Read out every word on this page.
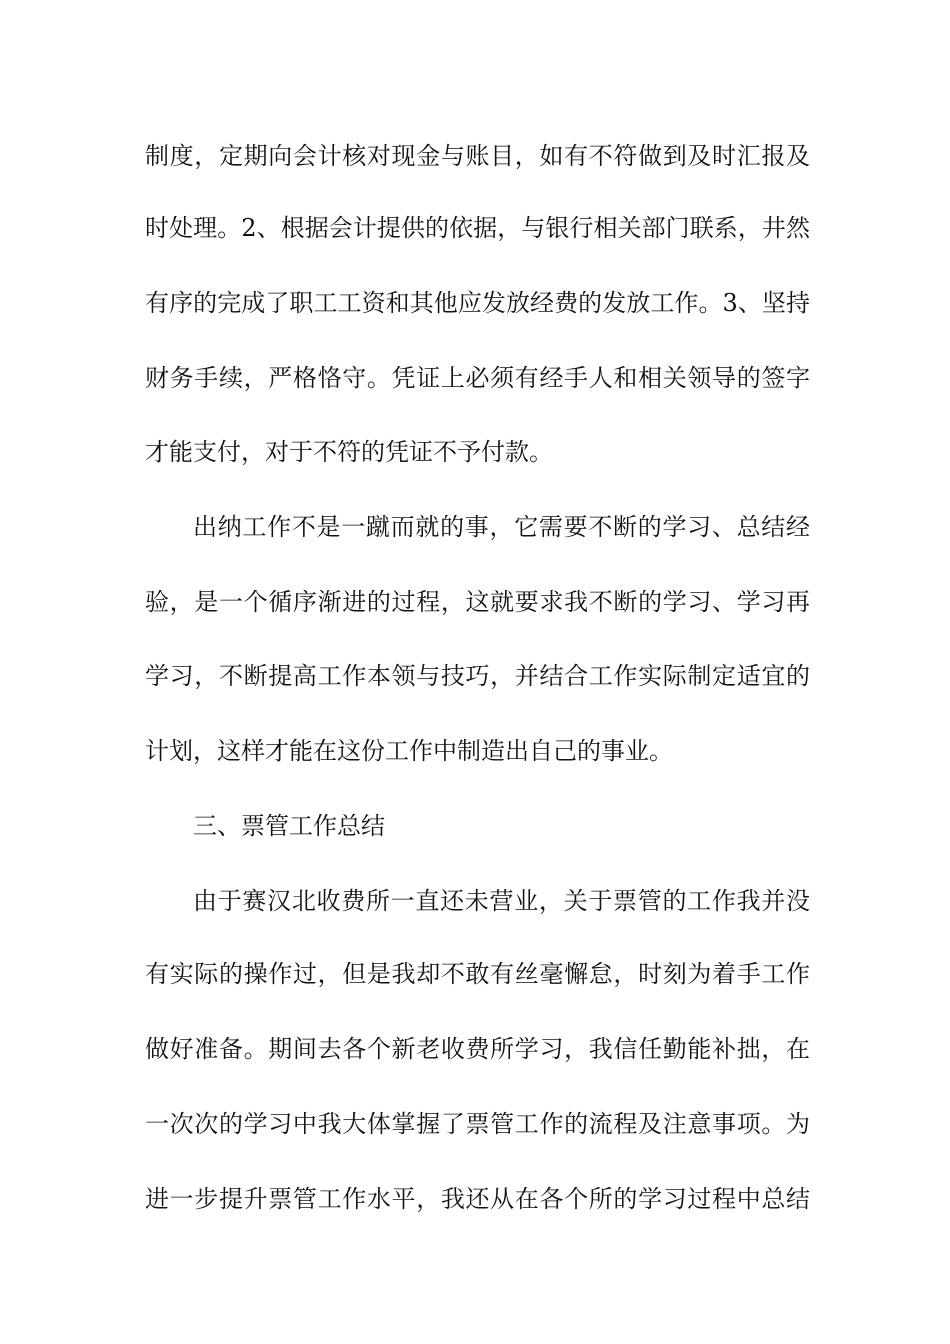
制度，定期向会计核对现金与账目，如有不符做到及时汇报及
时处理。2、根据会计提供的依据，与银行相关部门联系，井然
有序的完成了职工工资和其他应发放经费的发放工作。3、坚持
财务手续，严格恪守。凭证上必须有经手人和相关领导的签字
才能支付，对于不符的凭证不予付款。
出纳工作不是一蹴而就的事，它需要不断的学习、总结经
验，是一个循序渐进的过程，这就要求我不断的学习、学习再
学习，不断提高工作本领与技巧，并结合工作实际制定适宜的
计划，这样才能在这份工作中制造出自己的事业。
三、票管工作总结
由于赛汉北收费所一直还未营业，关于票管的工作我并没
有实际的操作过，但是我却不敢有丝毫懈怠，时刻为着手工作
做好准备。期间去各个新老收费所学习，我信任勤能补拙，在
一次次的学习中我大体掌握了票管工作的流程及注意事项。为
进一步提升票管工作水平，我还从在各个所的学习过程中总结
